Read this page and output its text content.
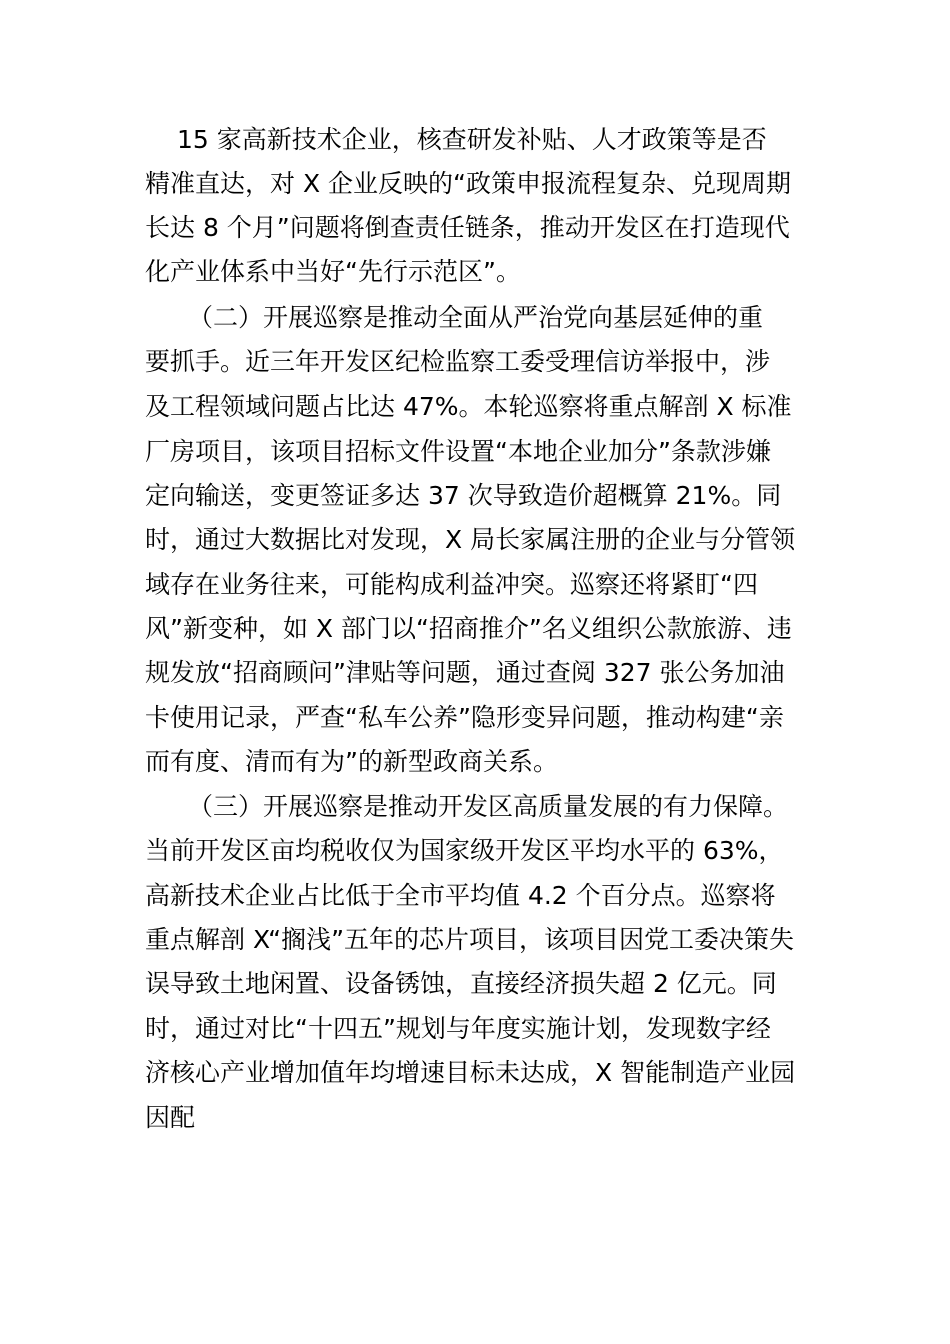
15 家高新技术企业，核查研发补贴、人才政策等是否
精准直达，对 X 企业反映的“政策申报流程复杂、兑现周期
长达 8 个月”问题将倒查责任链条，推动开发区在打造现代
化产业体系中当好“先行示范区”。
（二）开展巡察是推动全面从严治党向基层延伸的重
要抓手。近三年开发区纪检监察工委受理信访举报中，涉
及工程领域问题占比达 47%。本轮巡察将重点解剖 X 标准
厂房项目，该项目招标文件设置“本地企业加分”条款涉嫌
定向输送，变更签证多达 37 次导致造价超概算 21%。同
时，通过大数据比对发现，X 局长家属注册的企业与分管领
域存在业务往来，可能构成利益冲突。巡察还将紧盯“四
风”新变种，如 X 部门以“招商推介”名义组织公款旅游、违
规发放“招商顾问”津贴等问题，通过查阅 327 张公务加油
卡使用记录，严查“私车公养”隐形变异问题，推动构建“亲
而有度、清而有为”的新型政商关系。
（三）开展巡察是推动开发区高质量发展的有力保障。
当前开发区亩均税收仅为国家级开发区平均水平的 63%，
高新技术企业占比低于全市平均值 4.2 个百分点。巡察将
重点解剖 X“搁浅”五年的芯片项目，该项目因党工委决策失
误导致土地闲置、设备锈蚀，直接经济损失超 2 亿元。同
时，通过对比“十四五”规划与年度实施计划，发现数字经
济核心产业增加值年均增速目标未达成，X 智能制造产业园
因配
